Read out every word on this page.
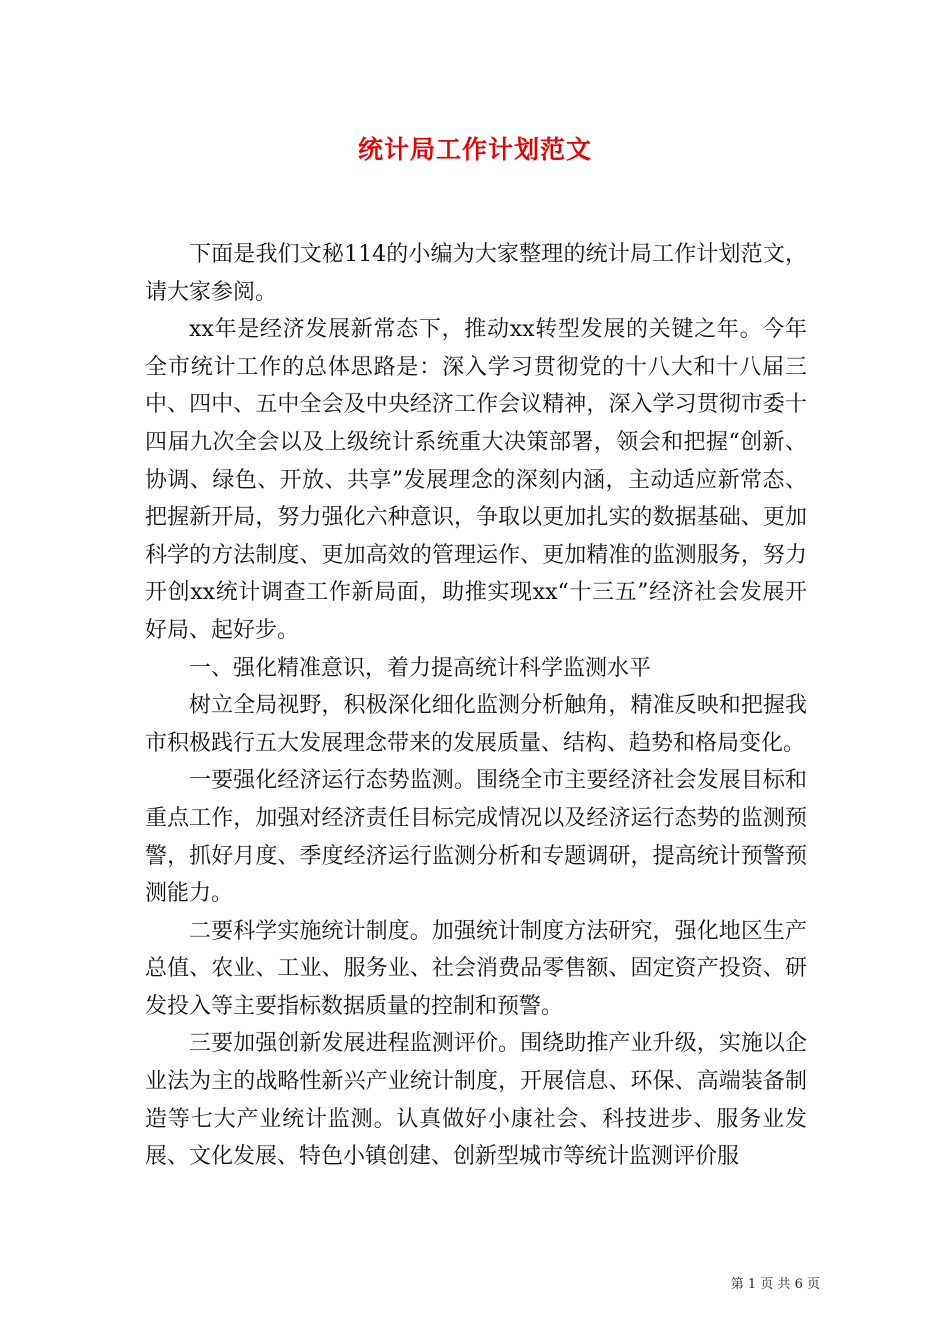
统计局工作计划范文

下面是我们文秘114的小编为大家整理的统计局工作计划范文，请大家参阅。

xx年是经济发展新常态下，推动xx转型发展的关键之年。今年全市统计工作的总体思路是：深入学习贯彻党的十八大和十八届三中、四中、五中全会及中央经济工作会议精神，深入学习贯彻市委十四届九次全会以及上级统计系统重大决策部署，领会和把握“创新、协调、绿色、开放、共享”发展理念的深刻内涵，主动适应新常态、把握新开局，努力强化六种意识，争取以更加扎实的数据基础、更加科学的方法制度、更加高效的管理运作、更加精准的监测服务，努力开创xx统计调查工作新局面，助推实现xx“十三五”经济社会发展开好局、起好步。

一、强化精准意识，着力提高统计科学监测水平

树立全局视野，积极深化细化监测分析触角，精准反映和把握我市积极践行五大发展理念带来的发展质量、结构、趋势和格局变化。

一要强化经济运行态势监测。围绕全市主要经济社会发展目标和重点工作，加强对经济责任目标完成情况以及经济运行态势的监测预警，抓好月度、季度经济运行监测分析和专题调研，提高统计预警预测能力。

二要科学实施统计制度。加强统计制度方法研究，强化地区生产总值、农业、工业、服务业、社会消费品零售额、固定资产投资、研发投入等主要指标数据质量的控制和预警。

三要加强创新发展进程监测评价。围绕助推产业升级，实施以企业法为主的战略性新兴产业统计制度，开展信息、环保、高端装备制造等七大产业统计监测。认真做好小康社会、科技进步、服务业发展、文化发展、特色小镇创建、创新型城市等统计监测评价服

第 1 页 共 6 页
